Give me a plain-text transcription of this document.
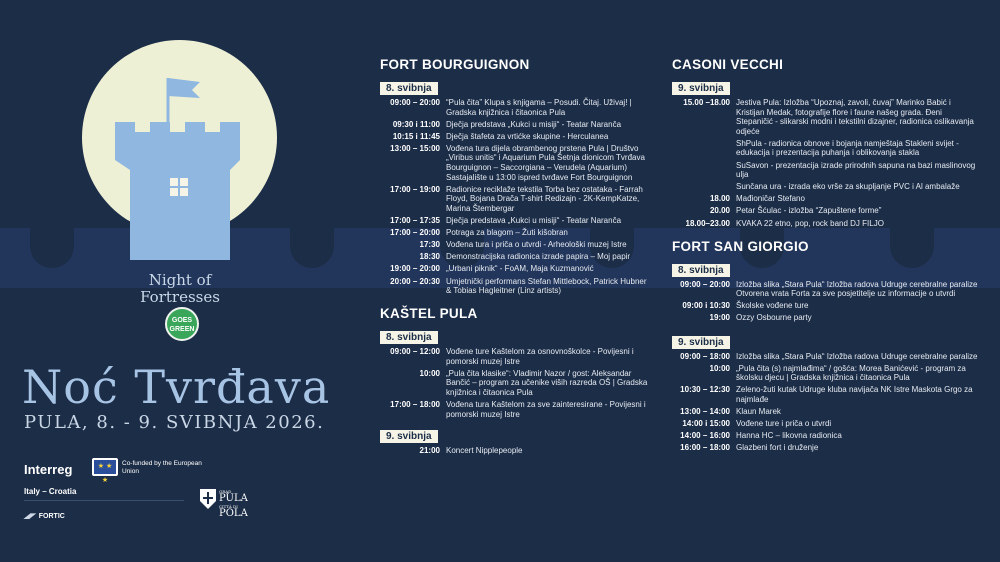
Night of
Fortresses
GOES
GREEN
Noć Tvrđava
PULA, 8. - 9. SVIBNJA 2026.
Interreg	★ ★ ★
Co-funded by the European Union
Italy – Croatia
◢◤ FORTIC
GRAD
PULA
CITTÀ DI
POLA
FORT BOURGUIGNON
8. svibnja
09:00 – 20:00 “Pula čita” Klupa s knjigama – Posudi. Čitaj. Uživaj! | Gradska knjižnica i čitaonica Pula
09:30 i 11:00 Dječja predstava „Kukci u misiji“ - Teatar Naranča
10:15 i 11:45 Dječja štafeta za vrtićke skupine - Herculanea
13:00 – 15:00 Vođena tura dijela obrambenog prstena Pula | Društvo „Viribus unitis“ i Aquarium Pula Šetnja dionicom Tvrđava Bourguignon – Saccorgiana – Verudela (Aquarium) Sastajalište u 13:00 ispred tvrđave Fort Bourguignon
17:00 – 19:00 Radionice reciklaže tekstila Torba bez ostataka - Farrah Floyd, Bojana Drača T-shirt Redizajn - 2K-KempKatze, Marina Štembergar
17:00 – 17:35 Dječja predstava „Kukci u misiji“ - Teatar Naranča
17:00 – 20:00 Potraga za blagom – Žuti kišobran
17:30 Vođena tura i priča o utvrdi - Arheološki muzej Istre
18:30 Demonstracijska radionica izrade papira – Moj papir
19:00 – 20:00 „Urbani piknik“ - FoAM, Maja Kuzmanović
20:00 – 20:30 Umjetnički performans Stefan Mittlebock, Patrick Hubner & Tobias Hagleitner (Linz artists)
KAŠTEL PULA
8. svibnja
09:00 – 12:00 Vođene ture Kaštelom za osnovnoškolce - Povijesni i pomorski muzej Istre
10:00 „Pula čita klasike“: Vladimir Nazor / gost: Aleksandar Bančić – program za učenike viših razreda OŠ | Gradska knjižnica i čitaonica Pula
17:00 – 18:00 Vođena tura Kaštelom za sve zainteresirane - Povijesni i pomorski muzej Istre
9. svibnja
21:00 Koncert Nipplepeople
CASONI VECCHI
9. svibnja
15.00 –18.00 Jestiva Pula: Izložba “Upoznaj, zavoli, čuvaj” Marinko Babić i Kristijan Medak, fotografije flore i faune našeg grada. Đeni Stepaničić - slikarski modni i tekstilni dizajner, radionica oslikavanja odjeće
ShPula - radionica obnove i bojanja namještaja Stakleni svijet - edukacija i prezentacija puhanja i oblikovanja stakla
SuSavon - prezentacija izrade prirodnih sapuna na bazi maslinovog ulja
Sunčana ura - izrada eko vrše za skupljanje PVC i Al ambalaže
18.00 Mađioničar Stefano
20.00 Petar Šćulac - izložba “Zapuštene forme”
18.00–23.00 KVAKA 22 etno, pop, rock band DJ FILJO
FORT SAN GIORGIO
8. svibnja
09:00 – 20:00 Izložba slika „Stara Pula“ Izložba radova Udruge cerebralne paralize Otvorena vrata Forta za sve posjetitelje uz informacije o utvrdi
09:00 i 10:30 Školske vođene ture
19:00 Ozzy Osbourne party
9. svibnja
09:00 – 18:00 Izložba slika „Stara Pula“ Izložba radova Udruge cerebralne paralize
10:00 „Pula čita (s) najmlađima“ / gošća: Morea Banićević - program za školsku djecu | Gradska knjižnica i čitaonica Pula
10:30 – 12:30 Zeleno-žuti kutak Udruge kluba navijača NK Istre Maskota Grgo za najmlađe
13:00 – 14:00 Klaun Marek
14:00 i 15:00 Vođene ture i priča o utvrdi
14:00 – 16:00 Hanna HC – likovna radionica
16:00 – 18:00 Glazbeni fort i druženje
